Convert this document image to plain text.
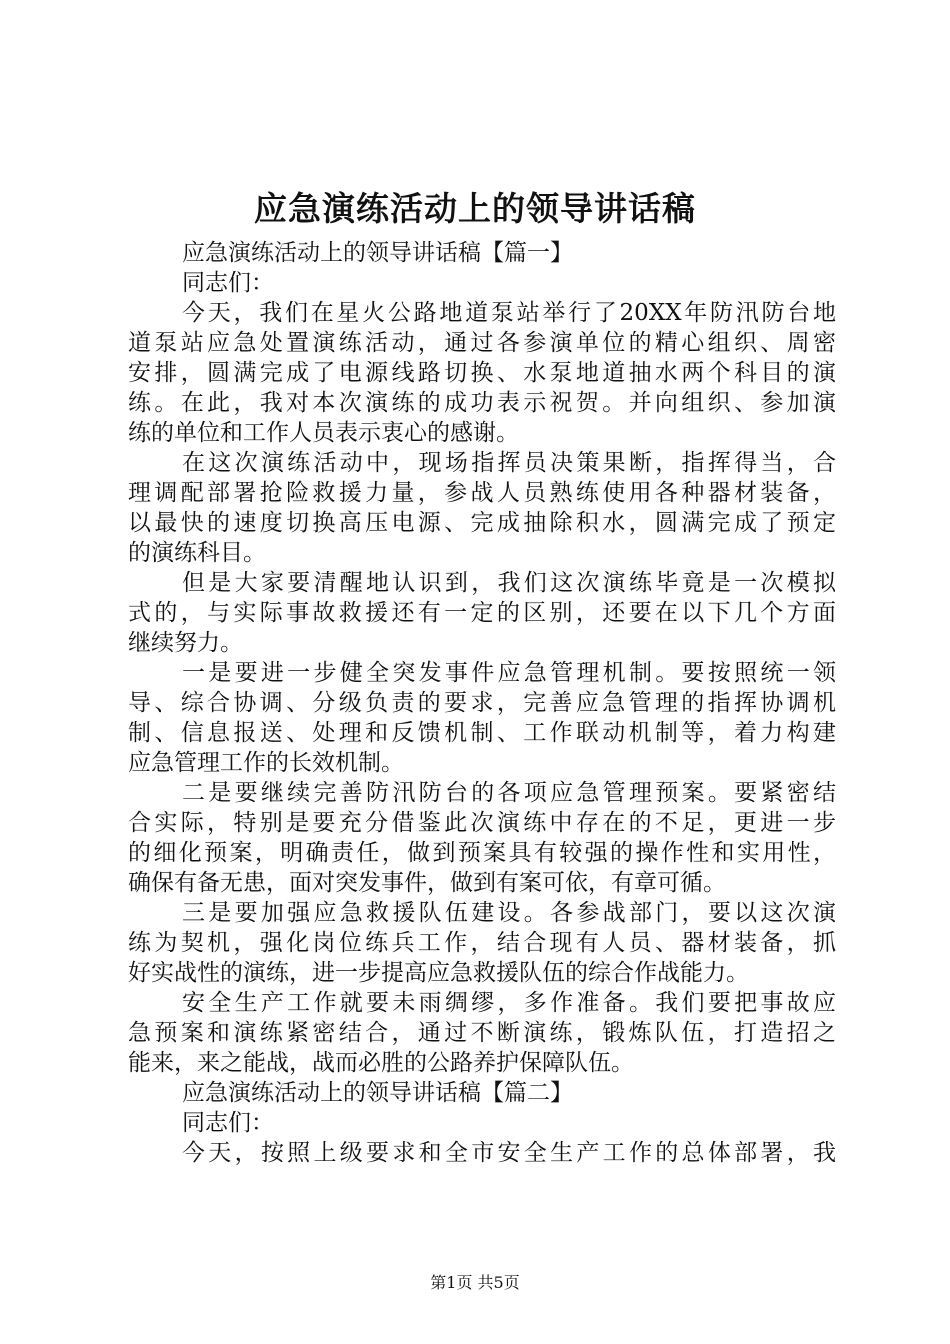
应急演练活动上的领导讲话稿
应急演练活动上的领导讲话稿【篇一】
同志们：
今天，我们在星火公路地道泵站举行了20XX年防汛防台地
道泵站应急处置演练活动，通过各参演单位的精心组织、周密
安排，圆满完成了电源线路切换、水泵地道抽水两个科目的演
练。在此，我对本次演练的成功表示祝贺。并向组织、参加演
练的单位和工作人员表示衷心的感谢。
在这次演练活动中，现场指挥员决策果断，指挥得当，合
理调配部署抢险救援力量，参战人员熟练使用各种器材装备，
以最快的速度切换高压电源、完成抽除积水，圆满完成了预定
的演练科目。
但是大家要清醒地认识到，我们这次演练毕竟是一次模拟
式的，与实际事故救援还有一定的区别，还要在以下几个方面
继续努力。
一是要进一步健全突发事件应急管理机制。要按照统一领
导、综合协调、分级负责的要求，完善应急管理的指挥协调机
制、信息报送、处理和反馈机制、工作联动机制等，着力构建
应急管理工作的长效机制。
二是要继续完善防汛防台的各项应急管理预案。要紧密结
合实际，特别是要充分借鉴此次演练中存在的不足，更进一步
的细化预案，明确责任，做到预案具有较强的操作性和实用性，
确保有备无患，面对突发事件，做到有案可依，有章可循。
三是要加强应急救援队伍建设。各参战部门，要以这次演
练为契机，强化岗位练兵工作，结合现有人员、器材装备，抓
好实战性的演练，进一步提高应急救援队伍的综合作战能力。
安全生产工作就要未雨绸缪，多作准备。我们要把事故应
急预案和演练紧密结合，通过不断演练，锻炼队伍，打造招之
能来，来之能战，战而必胜的公路养护保障队伍。
应急演练活动上的领导讲话稿【篇二】
同志们：
今天，按照上级要求和全市安全生产工作的总体部署，我
第1页 共5页
